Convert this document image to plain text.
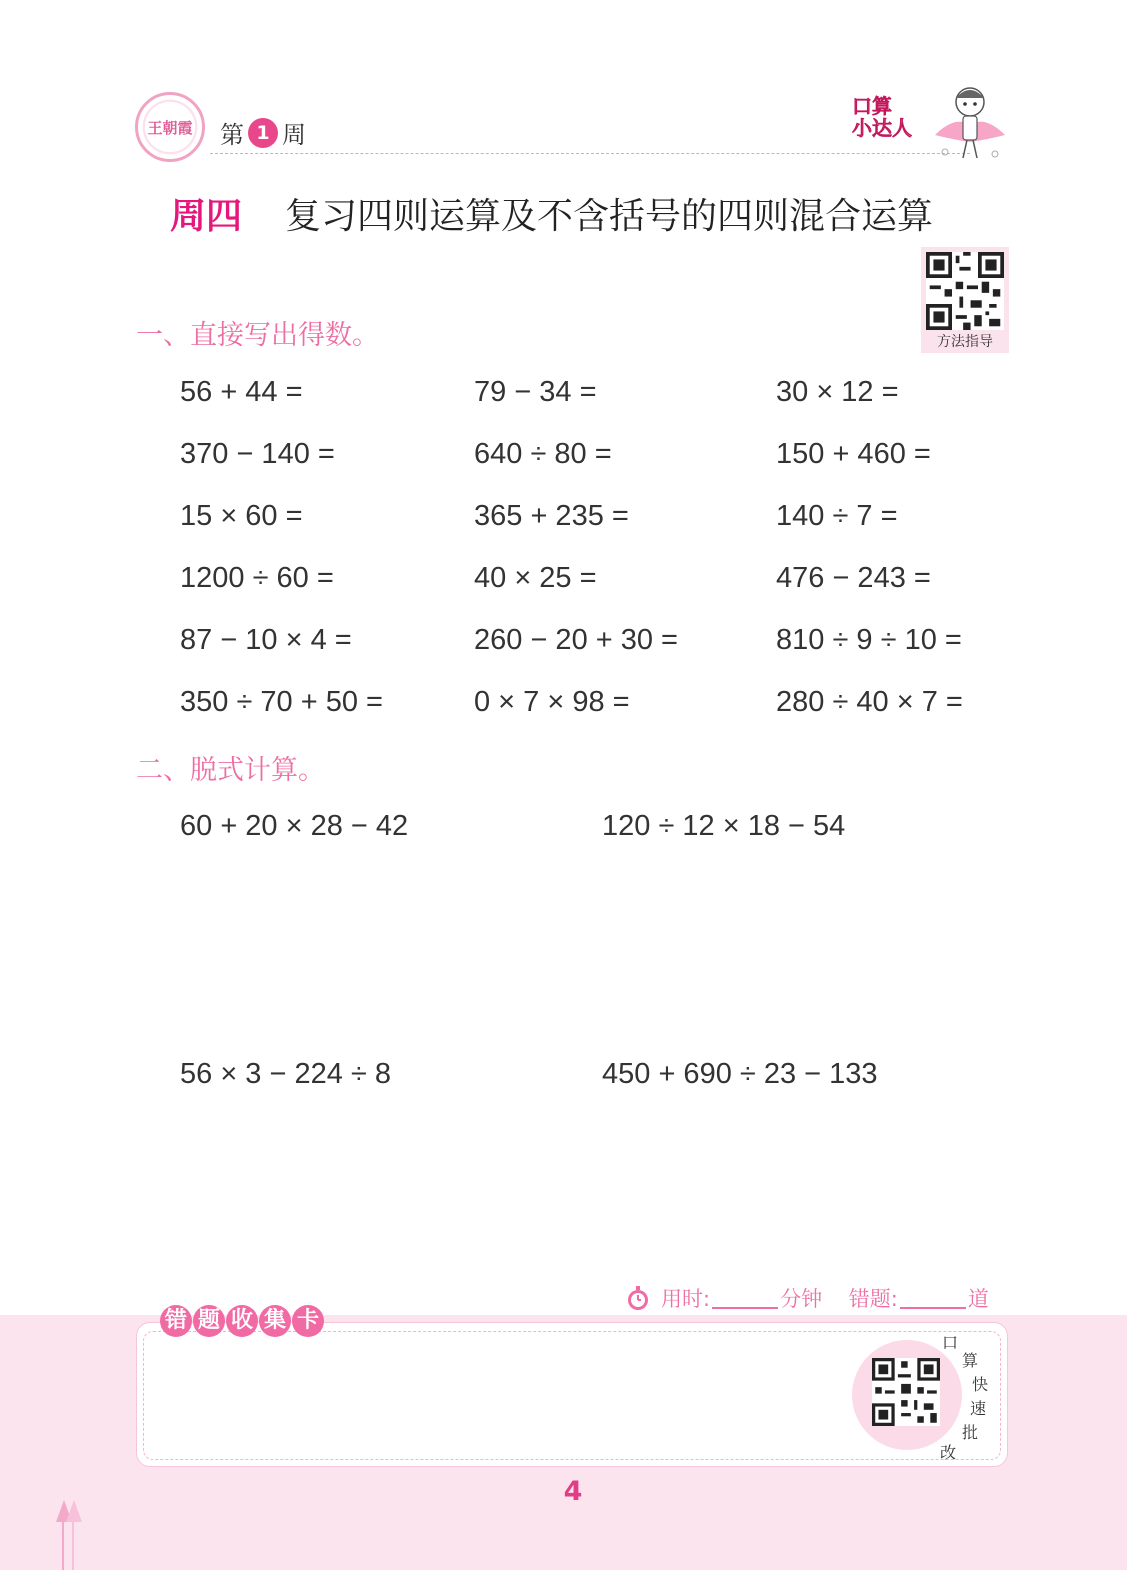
王朝霞 第 1 周
口算
小达人
周四 复习四则运算及不含括号的四则混合运算
方法指导
一、直接写出得数。
56 + 44 =	79 − 34 =	30 × 12 =
370 − 140 =	640 ÷ 80 =	150 + 460 =
15 × 60 =	365 + 235 =	140 ÷ 7 =
1200 ÷ 60 =	40 × 25 =	476 − 243 =
87 − 10 × 4 =	260 − 20 + 30 =	810 ÷ 9 ÷ 10 =
350 ÷ 70 + 50 =	0 × 7 × 98 =	280 ÷ 40 × 7 =
二、脱式计算。
60 + 20 × 28 − 42	120 ÷ 12 × 18 − 54
56 × 3 − 224 ÷ 8	450 + 690 ÷ 23 − 133
用时:	分钟
错题:	道
错 题 收 集 卡
口
算
快
速
批
改
4
